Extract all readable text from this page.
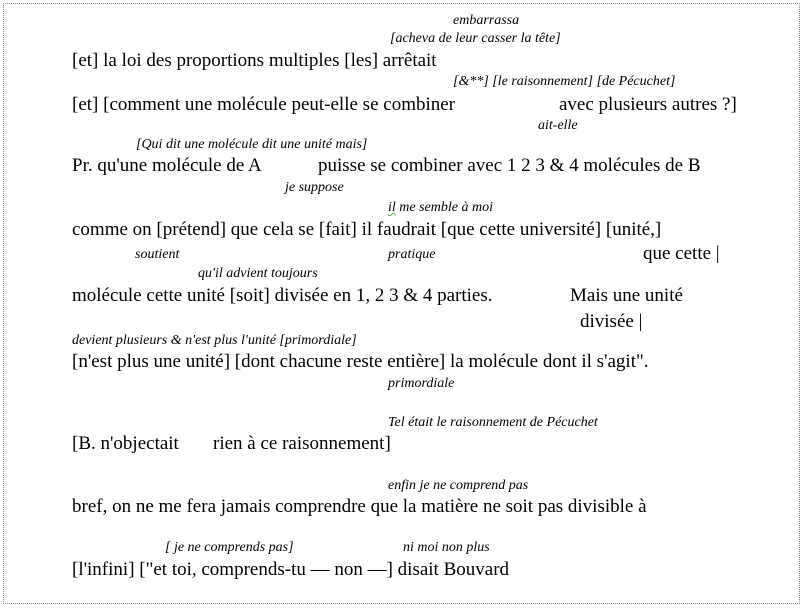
embarrassa
[acheva de leur casser la tête]
[et] la loi des proportions multiples [les] arrêtait
[&**] [le raisonnement] [de Pécuchet]
[et] [comment une molécule peut-elle se combiner	avec plusieurs autres ?]
ait-elle
[Qui dit une molécule dit une unité mais]
Pr. qu'une molécule de A	puisse se combiner avec 1 2 3 & 4 molécules de B
je suppose
il me semble à moi
comme on [prétend] que cela se [fait] il faudrait [que cette université] [unité,]
soutient	pratique	que cette |
qu'il advient toujours
molécule cette unité [soit] divisée en 1, 2 3 & 4 parties.	Mais une unité
divisée |
devient plusieurs & n'est plus l'unité [primordiale]
[n'est plus une unité] [dont chacune reste entière] la molécule dont il s'agit".
primordiale
Tel était le raisonnement de Pécuchet
[B. n'objectait rien à ce raisonnement]
enfin je ne comprend pas
bref, on ne me fera jamais comprendre que la matière ne soit pas divisible à
[ je ne comprends pas]	ni moi non plus
[l'infini] ["et toi, comprends-tu — non —] disait Bouvard
